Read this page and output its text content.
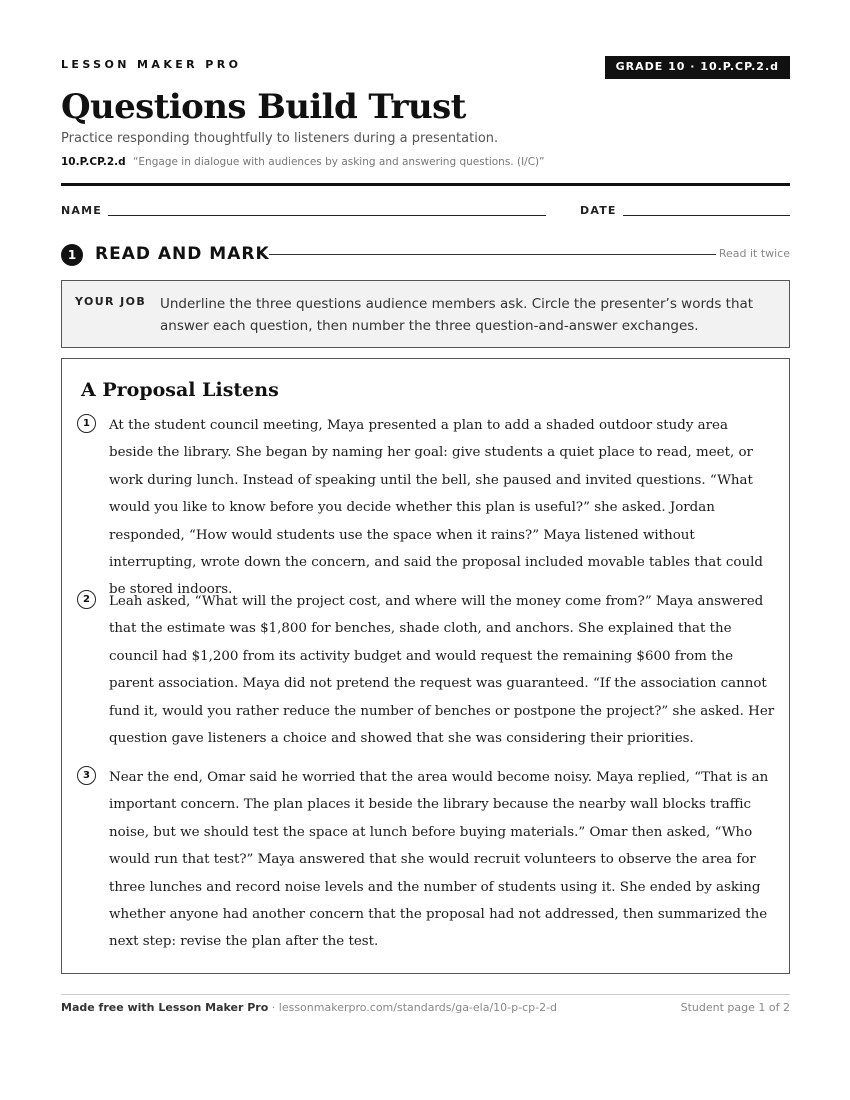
LESSON MAKER PRO	GRADE 10 · 10.P.CP.2.d
Questions Build Trust
Practice responding thoughtfully to listeners during a presentation.
10.P.CP.2.d “Engage in dialogue with audiences by asking and answering questions. (I/C)”
NAME	DATE
1	READ AND MARK	Read it twice
YOUR JOB Underline the three questions audience members ask. Circle the presenter’s words that answer each question, then number the three question-and-answer exchanges.
A Proposal Listens
1	At the student council meeting, Maya presented a plan to add a shaded outdoor study area beside the library. She began by naming her goal: give students a quiet place to read, meet, or work during lunch. Instead of speaking until the bell, she paused and invited questions. “What would you like to know before you decide whether this plan is useful?” she asked. Jordan responded, “How would students use the space when it rains?” Maya listened without interrupting, wrote down the concern, and said the proposal included movable tables that could be stored indoors.
2	Leah asked, “What will the project cost, and where will the money come from?” Maya answered that the estimate was $1,800 for benches, shade cloth, and anchors. She explained that the council had $1,200 from its activity budget and would request the remaining $600 from the parent association. Maya did not pretend the request was guaranteed. “If the association cannot fund it, would you rather reduce the number of benches or postpone the project?” she asked. Her question gave listeners a choice and showed that she was considering their priorities.
3	Near the end, Omar said he worried that the area would become noisy. Maya replied, “That is an important concern. The plan places it beside the library because the nearby wall blocks traffic noise, but we should test the space at lunch before buying materials.” Omar then asked, “Who would run that test?” Maya answered that she would recruit volunteers to observe the area for three lunches and record noise levels and the number of students using it. She ended by asking whether anyone had another concern that the proposal had not addressed, then summarized the next step: revise the plan after the test.
Made free with Lesson Maker Pro · lessonmakerpro.com/standards/ga-ela/10-p-cp-2-d	Student page 1 of 2
